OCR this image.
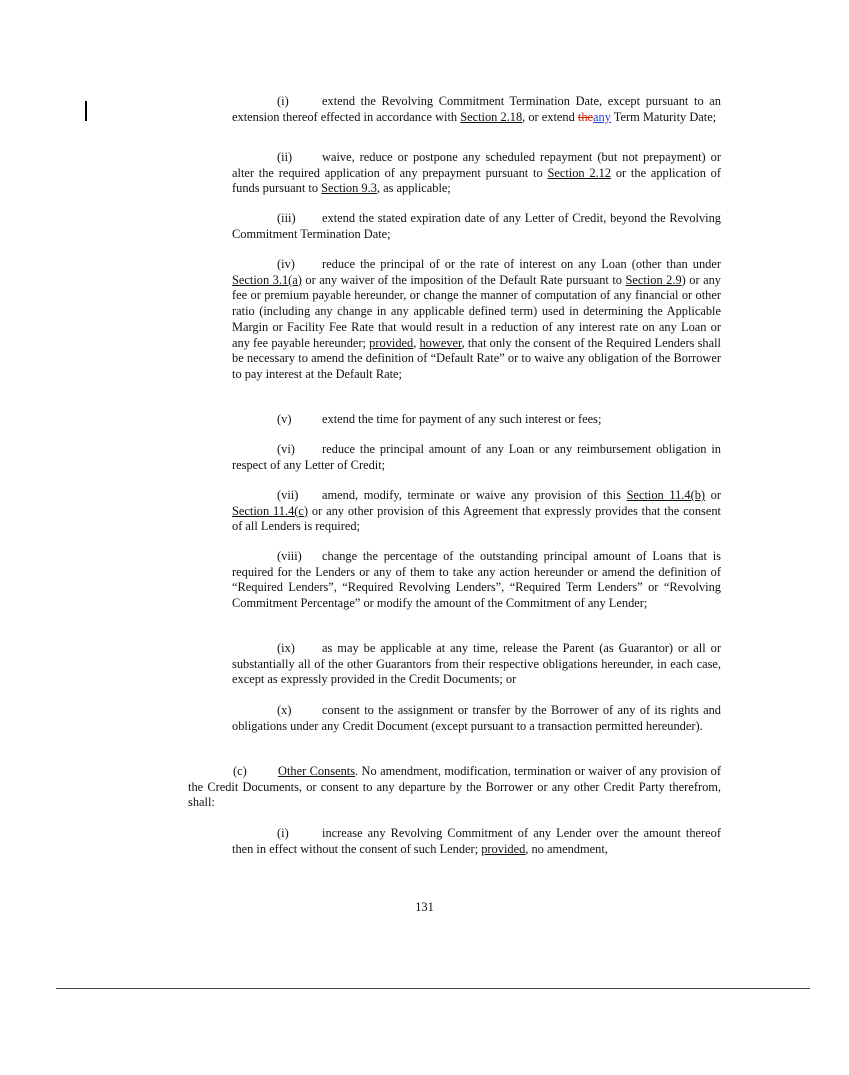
(i)	extend the Revolving Commitment Termination Date, except pursuant to an extension thereof effected in accordance with Section 2.18, or extend theany Term Maturity Date;

(ii) waive, reduce or postpone any scheduled repayment (but not prepayment) or alter the required application of any prepayment pursuant to Section 2.12 or the application of funds pursuant to Section 9.3, as applicable;

(iii) extend the stated expiration date of any Letter of Credit, beyond the Revolving Commitment Termination Date;

(iv) reduce the principal of or the rate of interest on any Loan (other than under Section 3.1(a) or any waiver of the imposition of the Default Rate pursuant to Section 2.9) or any fee or premium payable hereunder, or change the manner of computation of any financial or other ratio (including any change in any applicable defined term) used in determining the Applicable Margin or Facility Fee Rate that would result in a reduction of any interest rate on any Loan or any fee payable hereunder; provided, however, that only the consent of the Required Lenders shall be necessary to amend the definition of “Default Rate” or to waive any obligation of the Borrower to pay interest at the Default Rate;

(v) extend the time for payment of any such interest or fees;

(vi) reduce the principal amount of any Loan or any reimbursement obligation in respect of any Letter of Credit;

(vii) amend, modify, terminate or waive any provision of this Section 11.4(b) or Section 11.4(c) or any other provision of this Agreement that expressly provides that the consent of all Lenders is required;

(viii) change the percentage of the outstanding principal amount of Loans that is required for the Lenders or any of them to take any action hereunder or amend the definition of “Required Lenders”, “Required Revolving Lenders”, “Required Term Lenders” or “Revolving Commitment Percentage” or modify the amount of the Commitment of any Lender;

(ix) as may be applicable at any time, release the Parent (as Guarantor) or all or substantially all of the other Guarantors from their respective obligations hereunder, in each case, except as expressly provided in the Credit Documents; or

(x) consent to the assignment or transfer by the Borrower of any of its rights and obligations under any Credit Document (except pursuant to a transaction permitted hereunder).

(c)	Other Consents. No amendment, modification, termination or waiver of any provision of the Credit Documents, or consent to any departure by the Borrower or any other Credit Party therefrom, shall:

(i)	increase any Revolving Commitment of any Lender over the amount thereof then in effect without the consent of such Lender; provided, no amendment,

131
